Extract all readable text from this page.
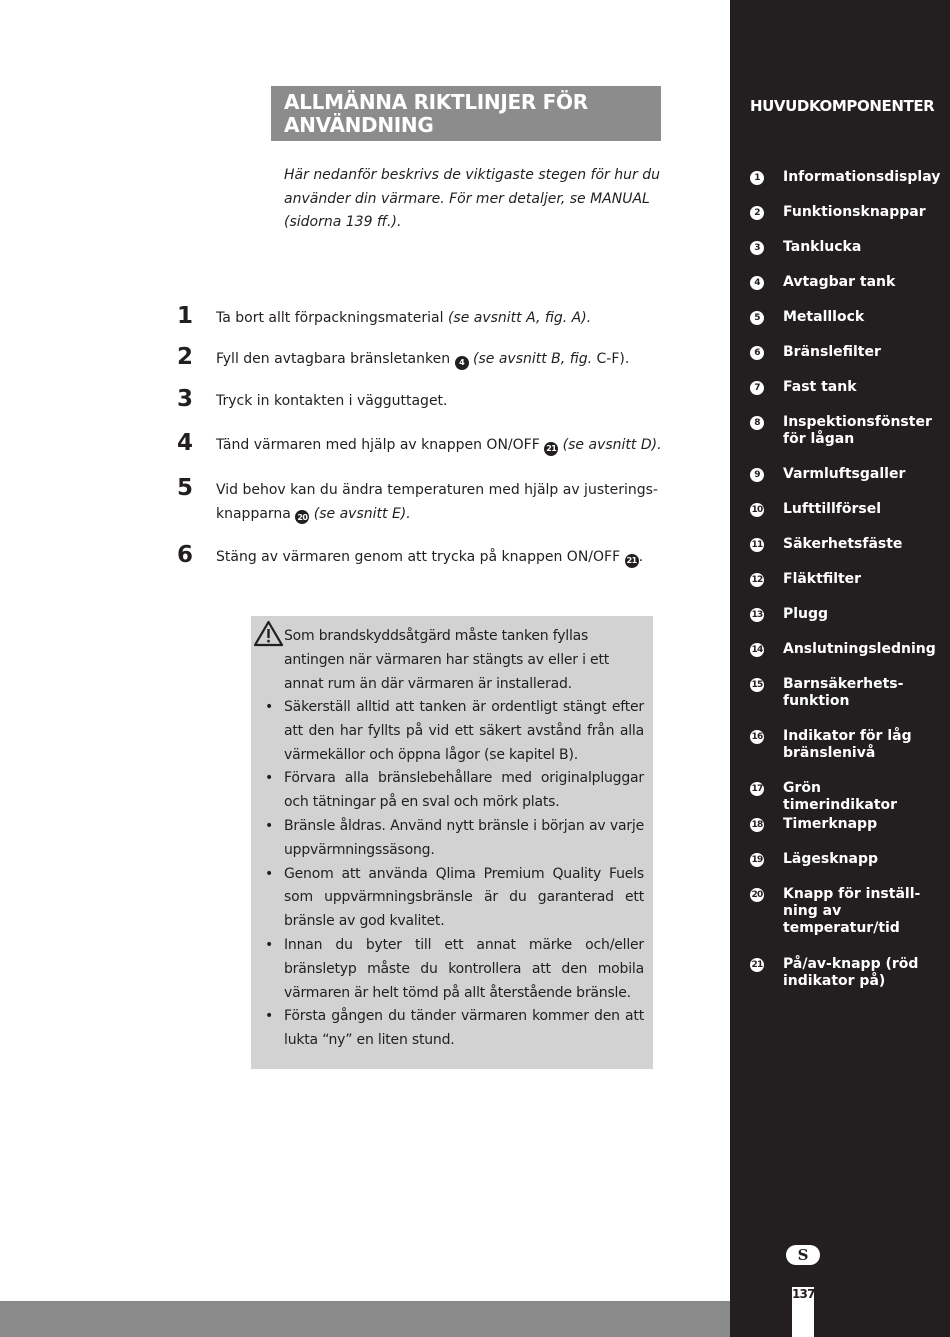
ALLMÄNNA RIKTLINJER FÖR ANVÄNDNING
Här nedanför beskrivs de viktigaste stegen för hur du använder din värmare. För mer detaljer, se MANUAL (sidorna 139 ff.).
1 Ta bort allt förpackningsmaterial (se avsnitt A, fig. A).
2 Fyll den avtagbara bränsletanken 4 (se avsnitt B, fig. C-F).
3 Tryck in kontakten i vägguttaget.
4 Tänd värmaren med hjälp av knappen ON/OFF 21 (se avsnitt D).
5 Vid behov kan du ändra temperaturen med hjälp av justerings-knapparna 20 (se avsnitt E).
6 Stäng av värmaren genom att trycka på knappen ON/OFF 21 .
Som brandskyddsåtgärd måste tanken fyllas antingen när värmaren har stängts av eller i ett annat rum än där värmaren är installerad.
• Säkerställ alltid att tanken är ordentligt stängt efter att den har fyllts på vid ett säkert avstånd från alla värmekällor och öppna lågor (se kapitel B).
• Förvara alla bränslebehållare med originalpluggar och tätningar på en sval och mörk plats.
• Bränsle åldras. Använd nytt bränsle i början av varje uppvärmningssäsong.
• Genom att använda Qlima Premium Quality Fuels som uppvärmningsbränsle är du garanterad ett bränsle av god kvalitet.
• Innan du byter till ett annat märke och/eller bränsletyp måste du kontrollera att den mobila värmaren är helt tömd på allt återstående bränsle.
• Första gången du tänder värmaren kommer den att lukta “ny” en liten stund.
HUVUDKOMPONENTER
1	Informationsdisplay
2	Funktionsknappar
3	Tanklucka
4	Avtagbar tank
5	Metalllock
6	Bränslefilter
7	Fast tank
8	Inspektionsfönster för lågan
9	Varmluftsgaller
10 Lufttillförsel
11 Säkerhetsfäste
12 Fläktfilter
13 Plugg
14 Anslutningsledning
15 Barnsäkerhets-funktion
16 Indikator för låg bränslenivå
17 Grön timerindikator
18 Timerknapp
19 Lägesknapp
20 Knapp för inställ-ning av temperatur/tid
21 På/av-knapp (röd indikator på)
S
137
